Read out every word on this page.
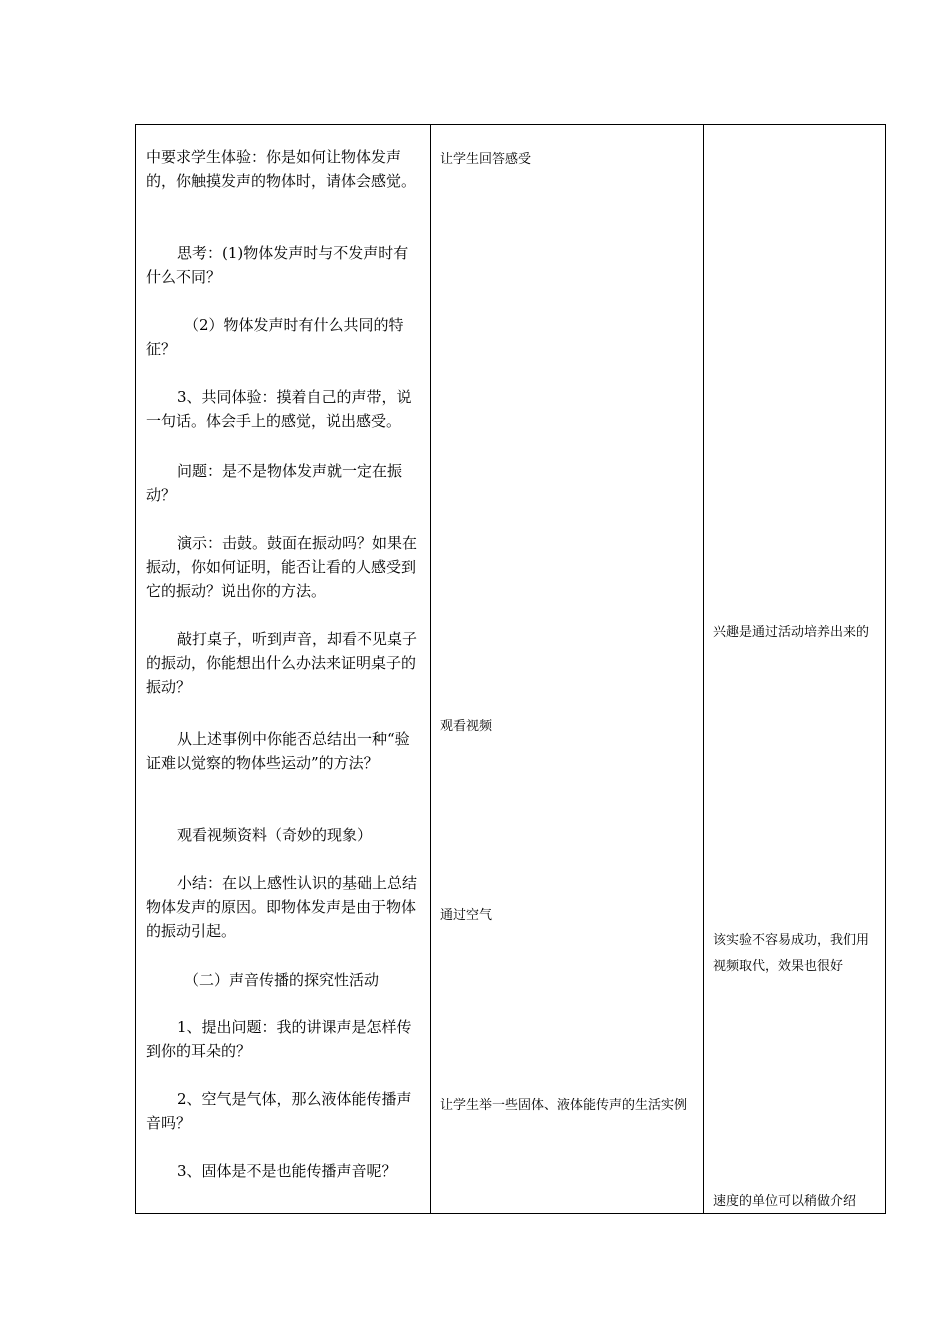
中要求学生体验：你是如何让物体发声的，你触摸发声的物体时，请体会感觉。
思考：(1)物体发声时与不发声时有什么不同？
（2）物体发声时有什么共同的特征？
3、共同体验：摸着自己的声带，说一句话。体会手上的感觉，说出感受。
问题：是不是物体发声就一定在振动？
演示：击鼓。鼓面在振动吗？如果在振动，你如何证明，能否让看的人感受到它的振动？说出你的方法。
敲打桌子，听到声音，却看不见桌子的振动，你能想出什么办法来证明桌子的振动？
从上述事例中你能否总结出一种“验证难以觉察的物体些运动”的方法？
观看视频资料（奇妙的现象）
小结：在以上感性认识的基础上总结物体发声的原因。即物体发声是由于物体的振动引起。
（二）声音传播的探究性活动
1、提出问题：我的讲课声是怎样传到你的耳朵的？
2、空气是气体，那么液体能传播声音吗？
3、固体是不是也能传播声音呢？
让学生回答感受
观看视频
通过空气
让学生举一些固体、液体能传声的生活实例
兴趣是通过活动培养出来的
该实验不容易成功，我们用视频取代，效果也很好
速度的单位可以稍做介绍
